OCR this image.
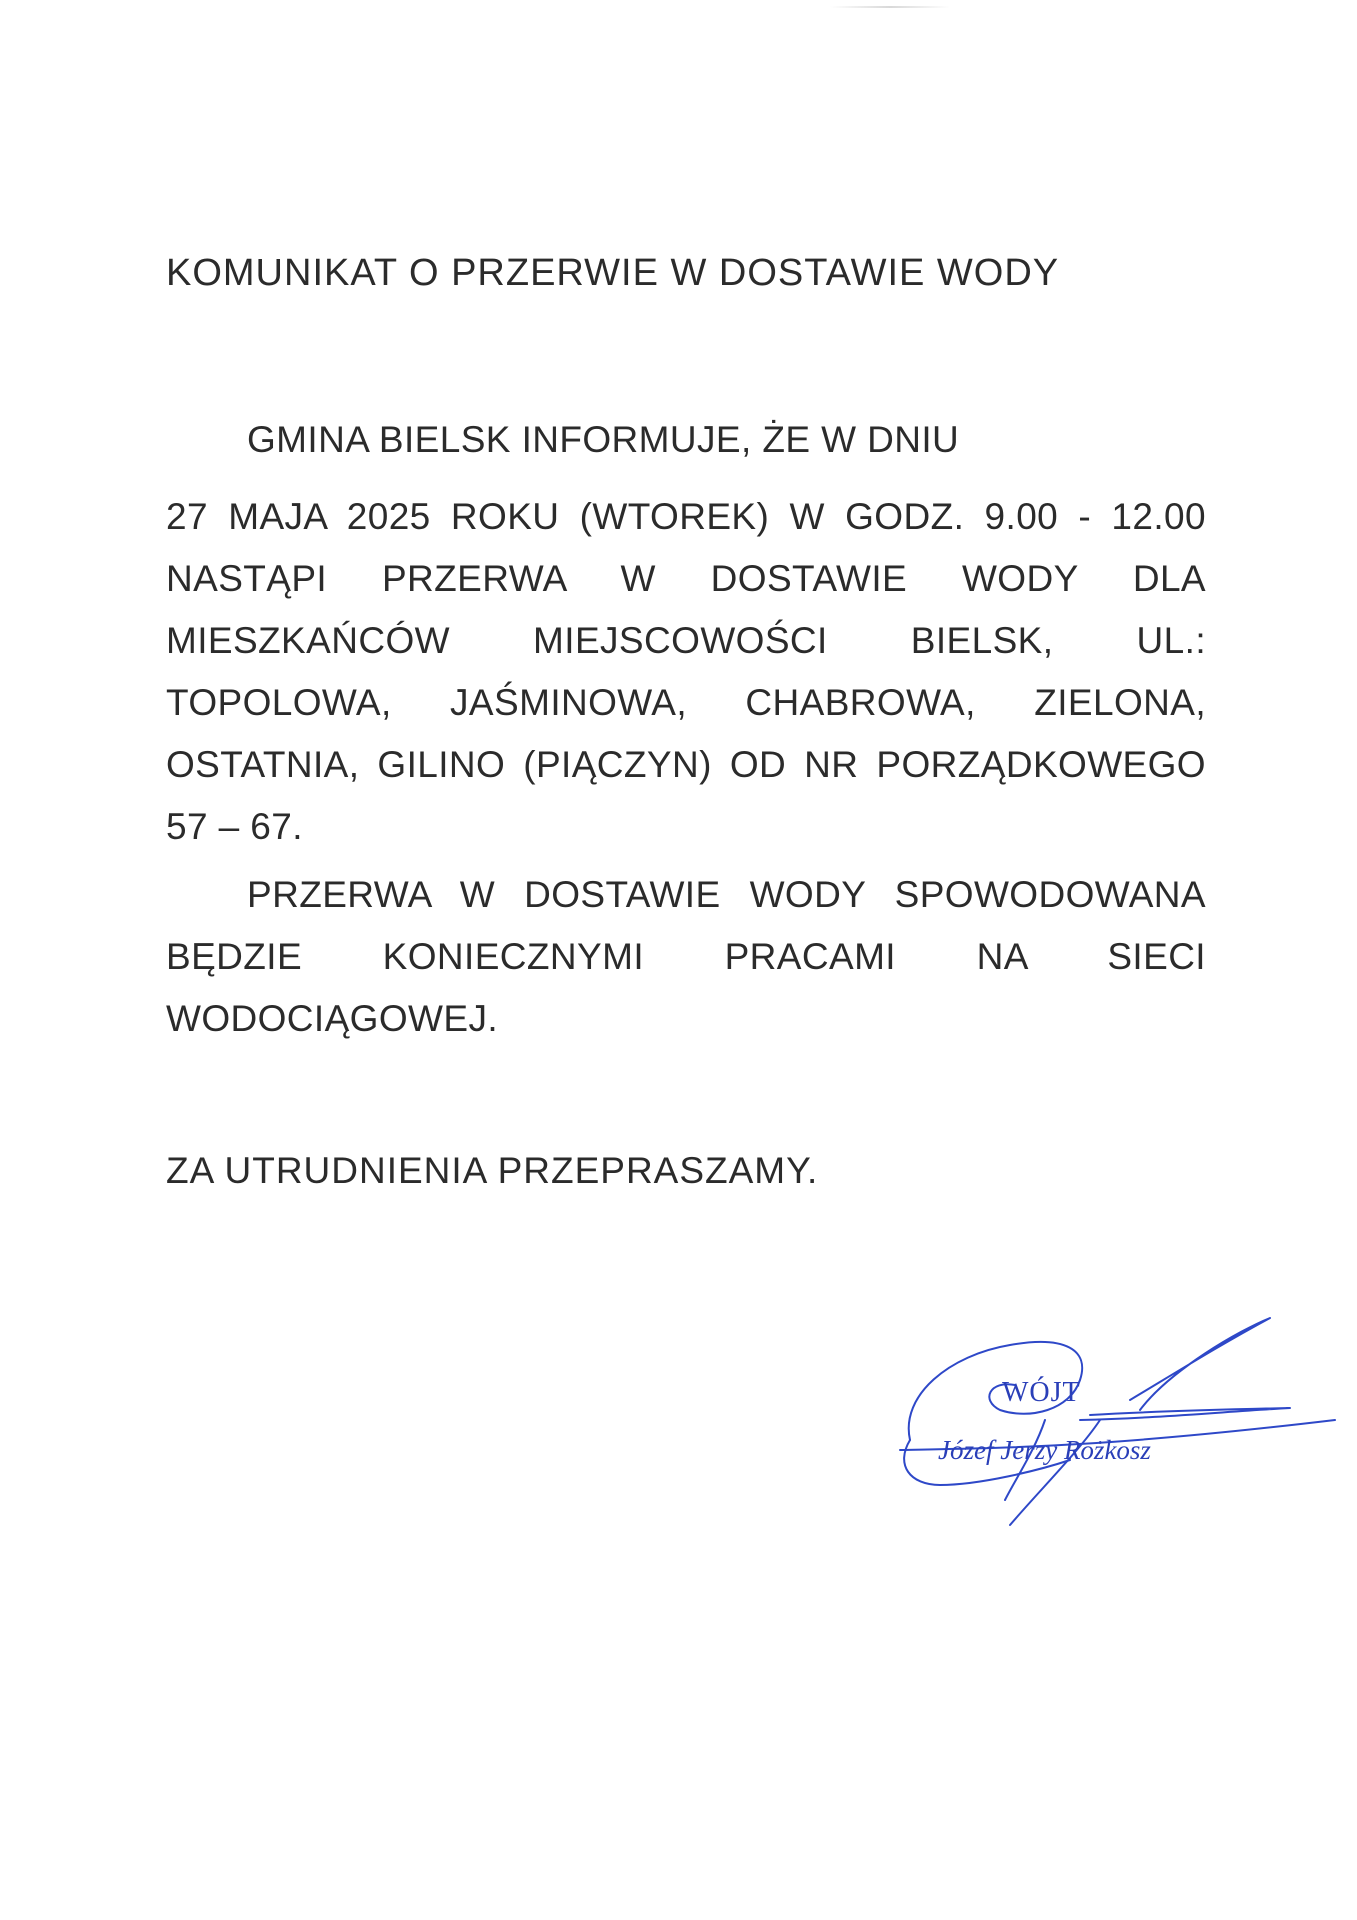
KOMUNIKAT O PRZERWIE W DOSTAWIE WODY
GMINA BIELSK INFORMUJE, ŻE W DNIU
27 MAJA 2025 ROKU (WTOREK) W GODZ. 9.00 - 12.00 NASTĄPI PRZERWA W DOSTAWIE WODY DLA MIESZKAŃCÓW MIEJSCOWOŚCI BIELSK, UL.: TOPOLOWA, JAŚMINOWA, CHABROWA, ZIELONA, OSTATNIA, GILINO (PIĄCZYN) OD NR PORZĄDKOWEGO 57 – 67.
PRZERWA W DOSTAWIE WODY SPOWODOWANA BĘDZIE KONIECZNYMI PRACAMI NA SIECI WODOCIĄGOWEJ.
ZA UTRUDNIENIA PRZEPRASZAMY.
WÓJT
Józef Jerzy Rożkosz
